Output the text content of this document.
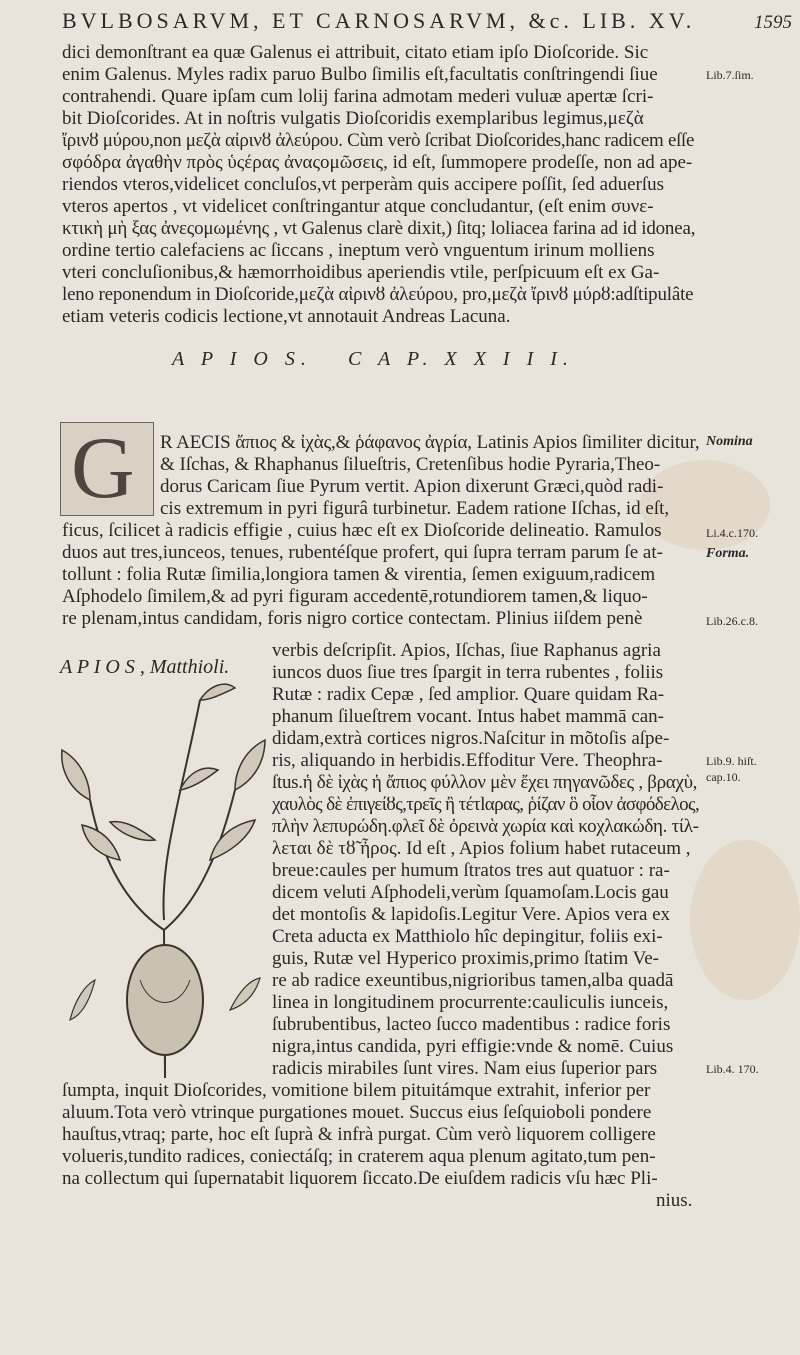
BVLBOSARVM, ET CARNOSARVM, &c. LIB. XV.	1595
dici demonſtrant ea quæ Galenus ei attribuit, citato etiam ipſo Dioſcoride. Sic
enim Galenus. Myles radix paruo Bulbo ſimilis eſt,facultatis conſtringendi ſiue
contrahendi. Quare ipſam cum lolij farina admotam mederi vuluæ apertæ ſcri-
bit Dioſcorides. At in noſtris vulgatis Dioſcoridis exemplaribus legimus,μεζὰ
ἴρινȣ μύρου,non μεζὰ αἰρινȣ ἀλεύρου. Cùm verò ſcribat Dioſcorides,hanc radicem eſſe
σφόδρα ἀγαθὴν πρὸς ὑςέρας ἀναςομῶσεις, id eſt, ſummopere prodeſſe, non ad ape-
riendos vteros,videlicet concluſos,vt perperàm quis accipere poſſit, ſed aduerſus
vteros apertos , vt videlicet conſtringantur atque concludantur, (eſt enim συνε-
κτικὴ μὴ ξας ἀνεςομωμένης , vt Galenus clarè dixit,) ſitq; loliacea farina ad id idonea,
ordine tertio calefaciens ac ſiccans , ineptum verò vnguentum irinum molliens
vteri concluſionibus,& hæmorrhoidibus aperiendis vtile, perſpicuum eſt ex Ga-
leno reponendum in Dioſcoride,μεζὰ αἰρινȣ ἀλεύρου, pro,μεζὰ ἴρινȣ μύρȣ:adſtipulâte
etiam veteris codicis lectione,vt annotauit Andreas Lacuna.
Lib.7.ſim.
A P I O S. C A P. X X I I I.
G R AECIS ἄπιος & ἰχὰς,& ῥάφανος ἀγρία, Latinis Apios ſimiliter dicitur,
& Iſchas, & Rhaphanus ſilueſtris, Cretenſibus hodie Pyraria,Theo-
dorus Caricam ſiue Pyrum vertit. Apion dixerunt Græci,quòd radi-
cis extremum in pyri figurâ turbinetur. Eadem ratione Iſchas, id eſt,
ficus, ſcilicet à radicis effigie , cuius hæc eſt ex Dioſcoride delineatio. Ramulos
duos aut tres,iunceos, tenues, rubentéſque profert, qui ſupra terram parum ſe at-
tollunt : folia Rutæ ſimilia,longiora tamen & virentia, ſemen exiguum,radicem
Aſphodelo ſimilem,& ad pyri figuram accedentē,rotundiorem tamen,& liquo-
re plenam,intus candidam, foris nigro cortice contectam. Plinius iiſdem penè
Nomina
Li.4.c.170.
Forma.
Lib.26.c.8.
A P I O S , Matthioli.
verbis deſcripſit. Apios, Iſchas, ſiue Raphanus agria
iuncos duos ſiue tres ſpargit in terra rubentes , foliis
Rutæ : radix Cepæ , ſed amplior. Quare quidam Ra-
phanum ſilueſtrem vocant. Intus habet mammā can-
didam,extrà cortices nigros.Naſcitur in mõtoſis aſpe-
ris, aliquando in herbidis.Effoditur Vere. Theophra-
ſtus.ἡ δὲ ἰχὰς ἡ ἄπιος φύλλον μὲν ἔχει πηγανῶδες , βραχὺ,
χαυλὸς δὲ ἐπιγείȣς,τρεῖς ἢ τέτlαρας, ῥίζαν ὃ οἷον ἀσφόδελος,
πλὴν λεπυρώδη.φλεῖ δὲ ὀρεινὰ χωρία καὶ κοχλακώδη. τίλ-
λεται δὲ τȣ̃ ἦρος. Id eſt , Apios folium habet rutaceum ,
breue:caules per humum ſtratos tres aut quatuor : ra-
dicem veluti Aſphodeli,verùm ſquamoſam.Locis gau
det montoſis & lapidoſis.Legitur Vere. Apios vera ex
Creta aducta ex Matthiolo hîc depingitur, foliis exi-
guis, Rutæ vel Hyperico proximis,primo ſtatim Ve-
re ab radice exeuntibus,nigrioribus tamen,alba quadā
linea in longitudinem procurrente:cauliculis iunceis,
ſubrubentibus, lacteo ſucco madentibus : radice foris
nigra,intus candida, pyri effigie:vnde & nomē. Cuius
radicis mirabiles ſunt vires. Nam eius ſuperior pars
Lib.9. hiſt.
cap.10.
Lib.4. 170.
ſumpta, inquit Dioſcorides, vomitione bilem pituitámque extrahit, inferior per
aluum.Tota verò vtrinque purgationes mouet. Succus eius ſeſquioboli pondere
hauſtus,vtraq; parte, hoc eſt ſuprà & infrà purgat. Cùm verò liquorem colligere
volueris,tundito radices, coniectáſq; in craterem aqua plenum agitato,tum pen-
na collectum qui ſupernatabit liquorem ſiccato.De eiuſdem radicis vſu hæc Pli-
nius.
